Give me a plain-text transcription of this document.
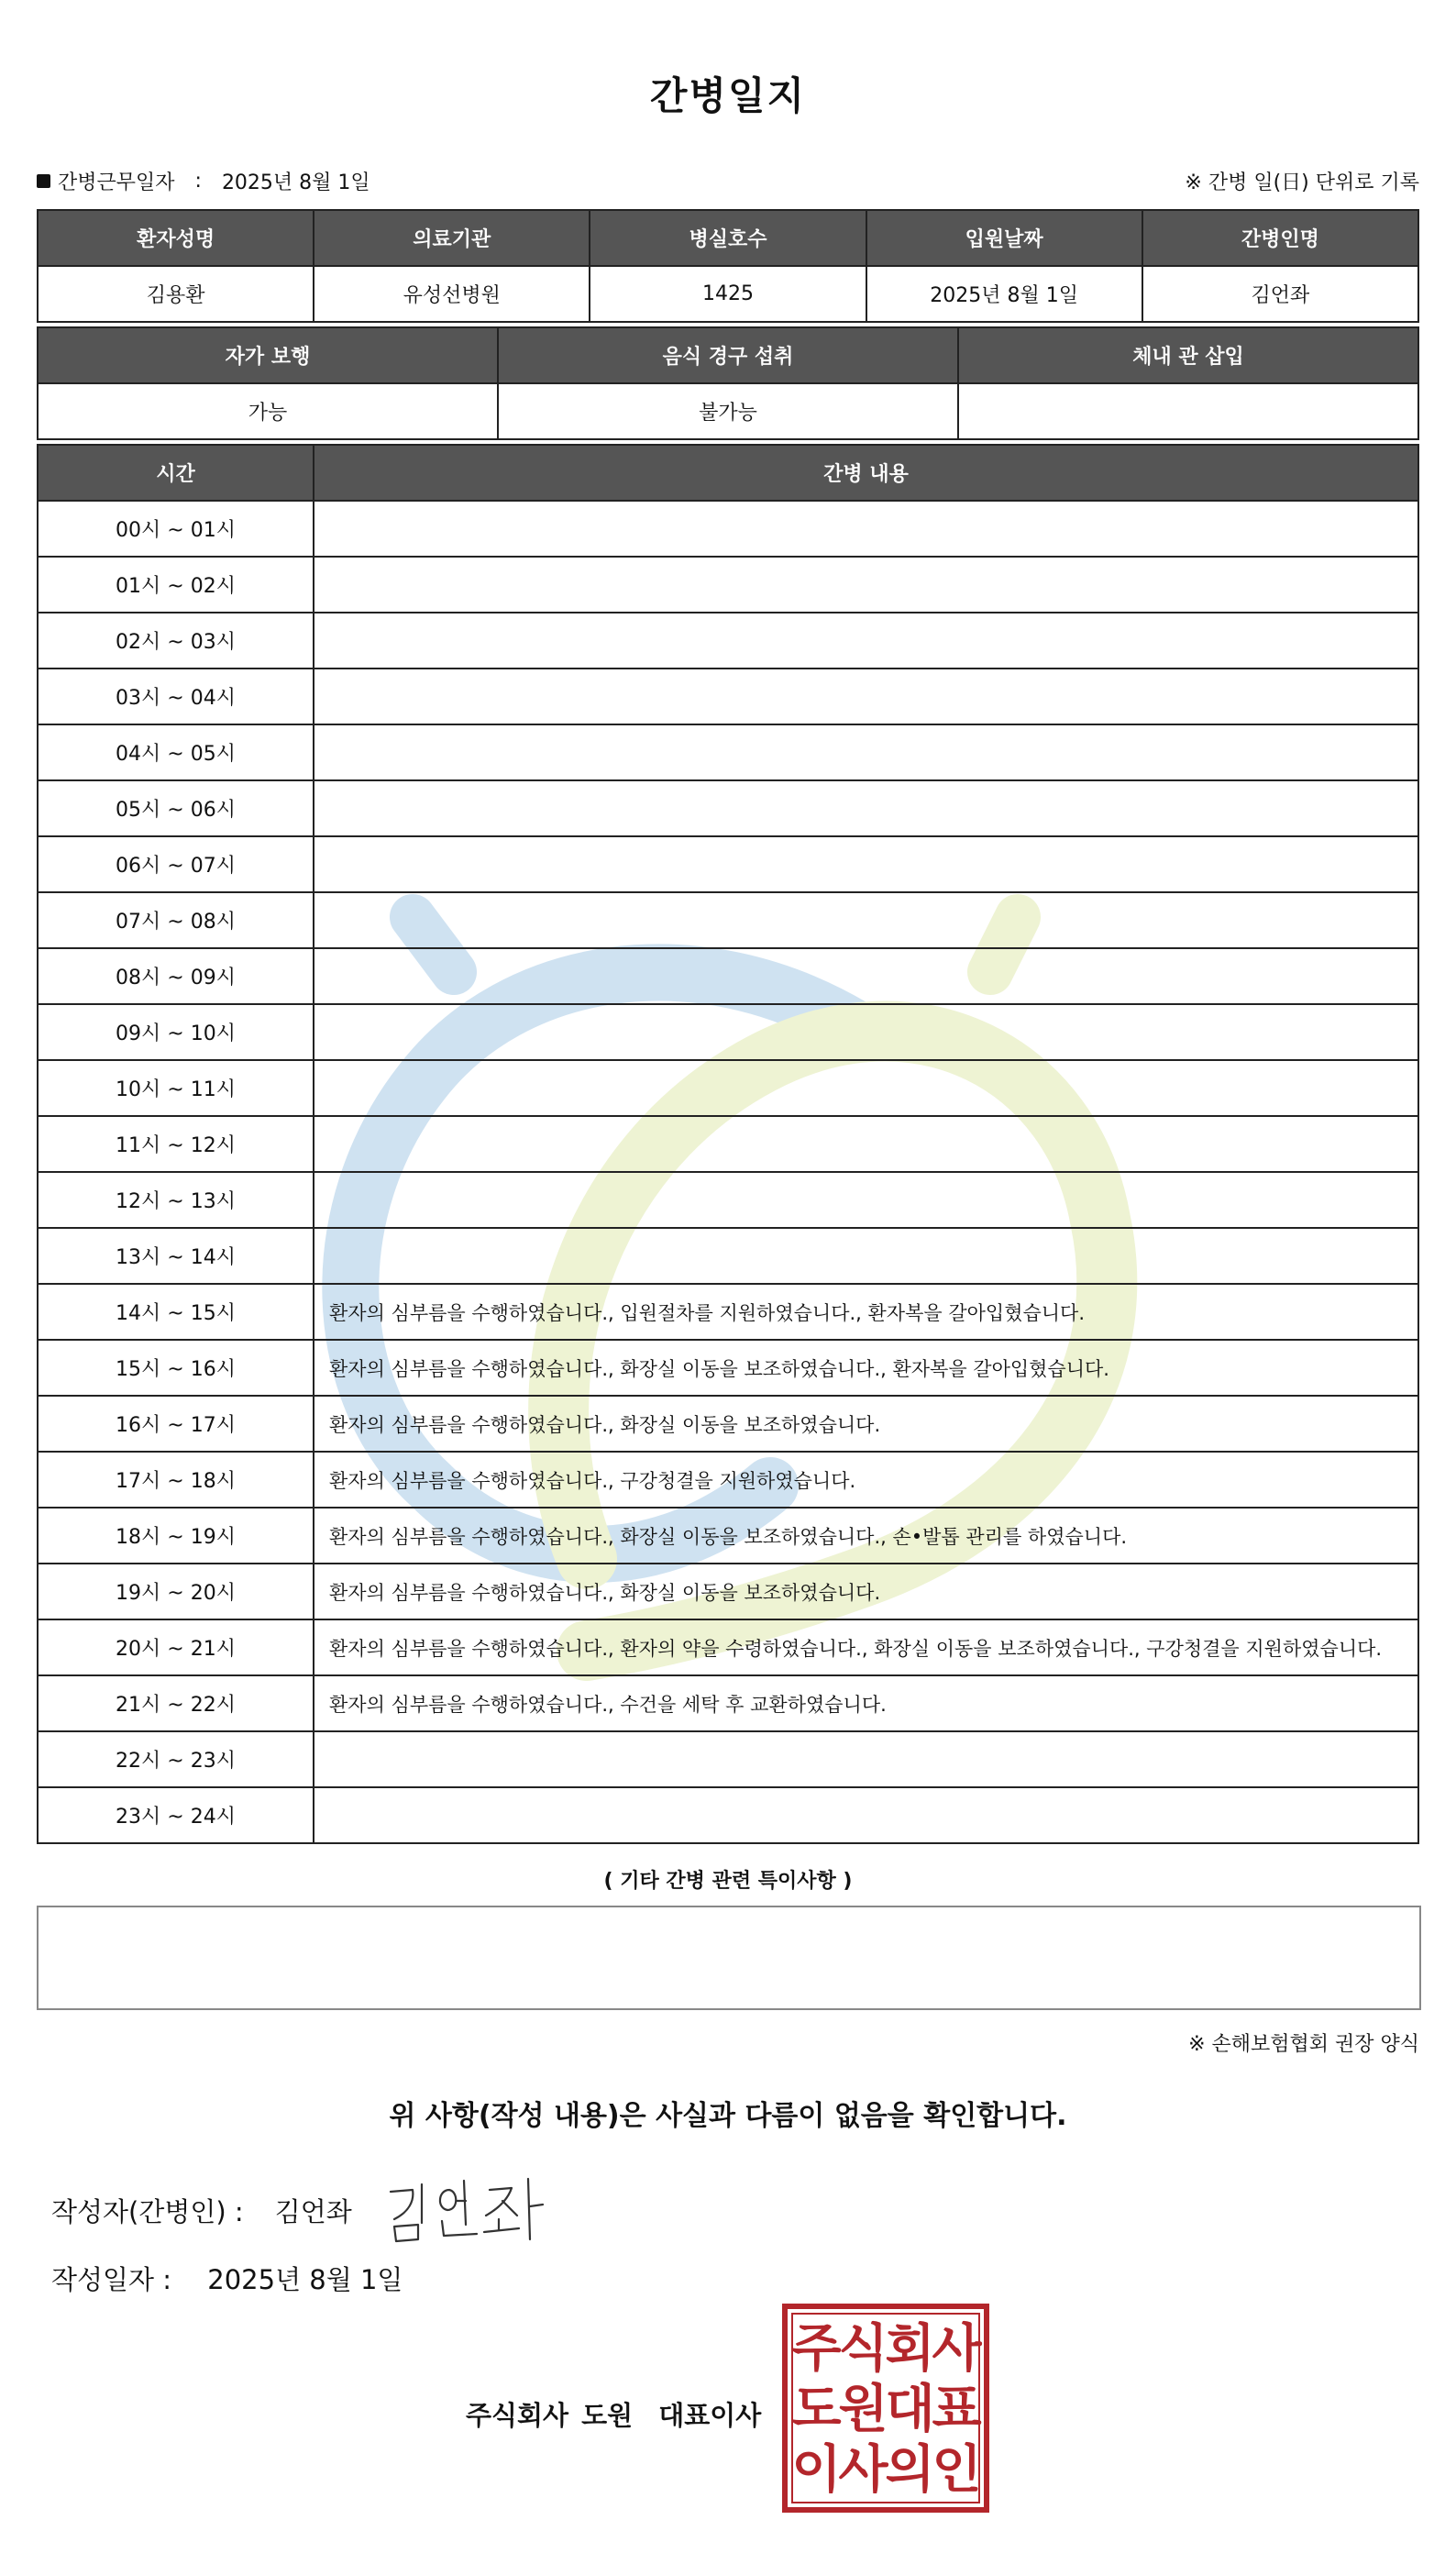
간병일지
간병근무일자 : 2025년 8월 1일	※ 간병 일(日) 단위로 기록
환자성명	의료기관	병실호수	입원날짜	간병인명
김용환	유성선병원	1425	2025년 8월 1일	김언좌
자가 보행	음식 경구 섭취	체내 관 삽입
가능	불가능	
시간	간병 내용
00시 ~ 01시	
01시 ~ 02시	
02시 ~ 03시	
03시 ~ 04시	
04시 ~ 05시	
05시 ~ 06시	
06시 ~ 07시	
07시 ~ 08시	
08시 ~ 09시	
09시 ~ 10시	
10시 ~ 11시	
11시 ~ 12시	
12시 ~ 13시	
13시 ~ 14시	
14시 ~ 15시	환자의 심부름을 수행하였습니다., 입원절차를 지원하였습니다., 환자복을 갈아입혔습니다.
15시 ~ 16시	환자의 심부름을 수행하였습니다., 화장실 이동을 보조하였습니다., 환자복을 갈아입혔습니다.
16시 ~ 17시	환자의 심부름을 수행하였습니다., 화장실 이동을 보조하였습니다.
17시 ~ 18시	환자의 심부름을 수행하였습니다., 구강청결을 지원하였습니다.
18시 ~ 19시	환자의 심부름을 수행하였습니다., 화장실 이동을 보조하였습니다., 손•발톱 관리를 하였습니다.
19시 ~ 20시	환자의 심부름을 수행하였습니다., 화장실 이동을 보조하였습니다.
20시 ~ 21시	환자의 심부름을 수행하였습니다., 환자의 약을 수령하였습니다., 화장실 이동을 보조하였습니다., 구강청결을 지원하였습니다.
21시 ~ 22시	환자의 심부름을 수행하였습니다., 수건을 세탁 후 교환하였습니다.
22시 ~ 23시	
23시 ~ 24시	
( 기타 간병 관련 특이사항 )
※ 손해보험협회 권장 양식
위 사항(작성 내용)은 사실과 다름이 없음을 확인합니다.
작성자(간병인) : 김언좌
작성일자 : 2025년 8월 1일
주식회사 도원 대표이사
주
식
회
사
도
원
대
표
이
사
의
인
